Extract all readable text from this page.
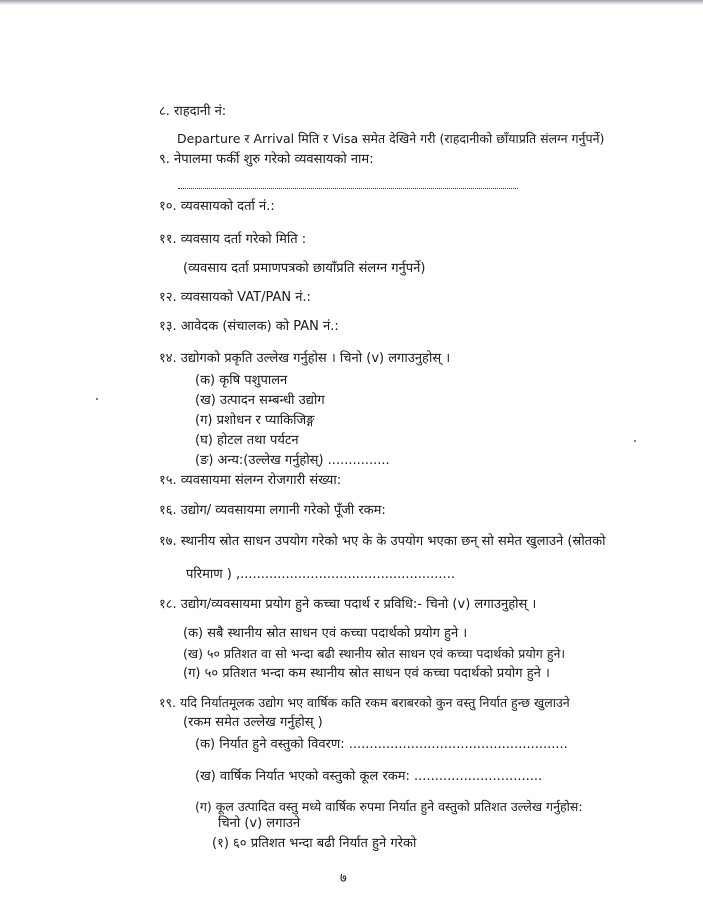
८. राहदानी नं:
Departure र Arrival मिति र Visa समेत देखिने गरी (राहदानीको छाँयाप्रति संलग्न गर्नुपर्ने)
९. नेपालमा फर्की शुरु गरेको व्यवसायको नाम:
१०. व्यवसायको दर्ता नं.:
११. व्यवसाय दर्ता गरेको मिति :
(व्यवसाय दर्ता प्रमाणपत्रको छायाँप्रति संलग्न गर्नुपर्ने)
१२. व्यवसायको VAT/PAN नं.:
१३. आवेदक (संचालक) को PAN नं.:
१४. उद्योगको प्रकृति उल्लेख गर्नुहोस । चिनो (v) लगाउनुहोस् ।
(क) कृषि पशुपालन
(ख) उत्पादन सम्बन्धी उद्योग
(ग) प्रशोधन र प्याकिजिङ्ग
(घ) होटल तथा पर्यटन
(ङ) अन्य:(उल्लेख गर्नुहोस्) ...............
१५. व्यवसायमा संलग्न रोजगारी संख्या:
१६. उद्योग/ व्यवसायमा लगानी गरेको पूँजी रकम:
१७. स्थानीय स्रोत साधन उपयोग गरेको भए के के उपयोग भएका छन् सो समेत खुलाउने (स्रोतको
परिमाण ) ,....................................................
१८. उद्योग/व्यवसायमा प्रयोग हुने कच्चा पदार्थ र प्रविधि:- चिनो (v) लगाउनुहोस् ।
(क) सबै स्थानीय स्रोत साधन एवं कच्चा पदार्थको प्रयोग हुने ।
(ख) ५० प्रतिशत वा सो भन्दा बढी स्थानीय स्रोत साधन एवं कच्चा पदार्थको प्रयोग हुने।
(ग) ५० प्रतिशत भन्दा कम स्थानीय स्रोत साधन एवं कच्चा पदार्थको प्रयोग हुने ।
१९. यदि निर्यातमूलक उद्योग भए वार्षिक कति रकम बराबरको कुन वस्तु निर्यात हुन्छ खुलाउने
(रकम समेत उल्लेख गर्नुहोस् )
(क) निर्यात हुने वस्तुको विवरण: .....................................................
(ख) वार्षिक निर्यात भएको वस्तुको कूल रकम: ...............................
(ग) कूल उत्पादित वस्तु मध्ये वार्षिक रुपमा निर्यात हुने वस्तुको प्रतिशत उल्लेख गर्नुहोस:
चिनो (v) लगाउने
(१) ६० प्रतिशत भन्दा बढी निर्यात हुने गरेको
७
